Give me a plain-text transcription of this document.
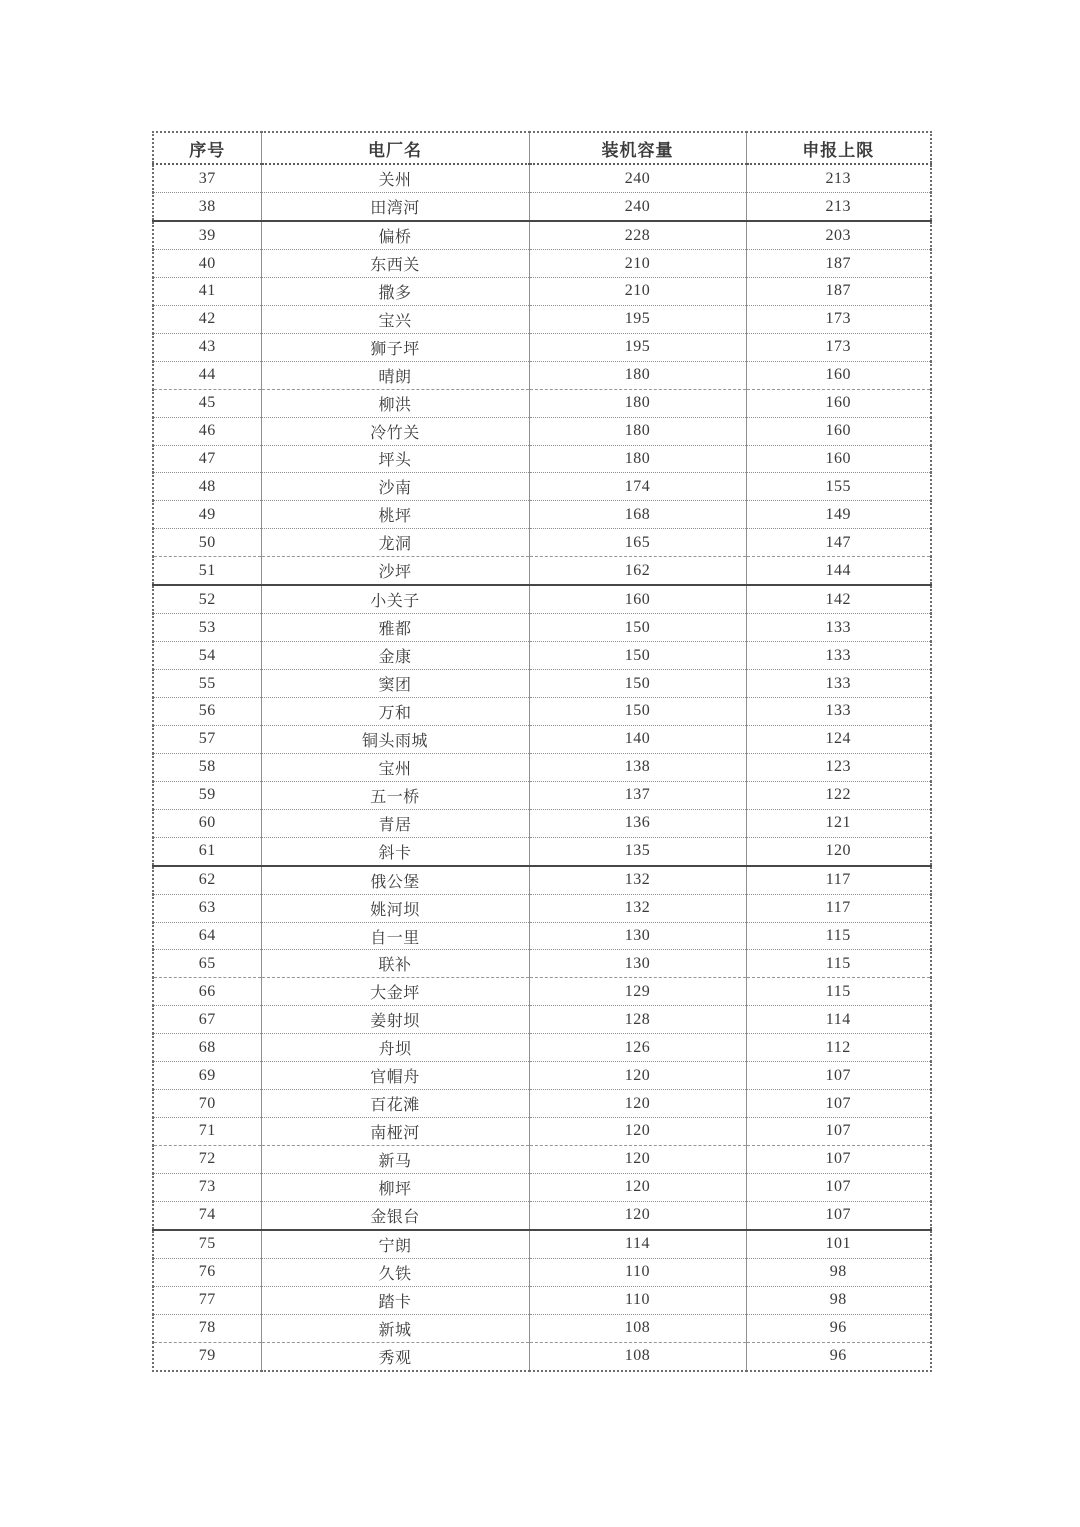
序号	电厂名	装机容量	申报上限
37	关州	240	213
38	田湾河	240	213
39	偏桥	228	203
40	东西关	210	187
41	撒多	210	187
42	宝兴	195	173
43	狮子坪	195	173
44	晴朗	180	160
45	柳洪	180	160
46	冷竹关	180	160
47	坪头	180	160
48	沙南	174	155
49	桃坪	168	149
50	龙洞	165	147
51	沙坪	162	144
52	小关子	160	142
53	雅都	150	133
54	金康	150	133
55	窦团	150	133
56	万和	150	133
57	铜头雨城	140	124
58	宝州	138	123
59	五一桥	137	122
60	青居	136	121
61	斜卡	135	120
62	俄公堡	132	117
63	姚河坝	132	117
64	自一里	130	115
65	联补	130	115
66	大金坪	129	115
67	姜射坝	128	114
68	舟坝	126	112
69	官帽舟	120	107
70	百花滩	120	107
71	南桠河	120	107
72	新马	120	107
73	柳坪	120	107
74	金银台	120	107
75	宁朗	114	101
76	久铁	110	98
77	踏卡	110	98
78	新城	108	96
79	秀观	108	96
